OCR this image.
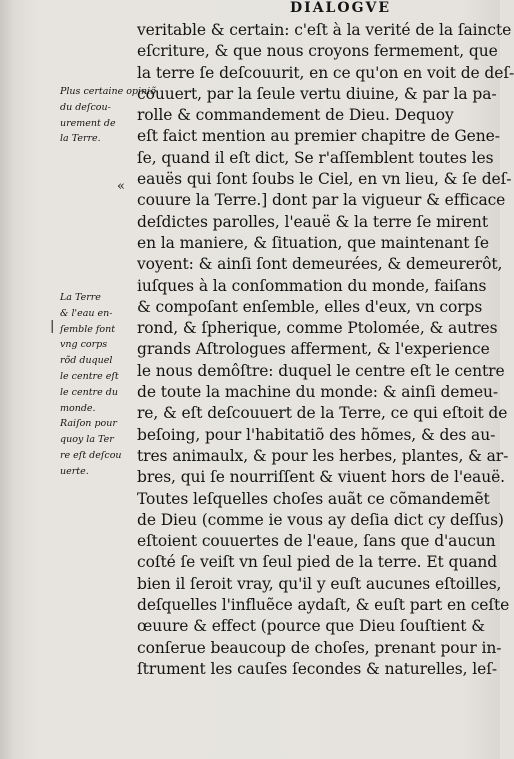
DIALOGVE
veritable & certain: c'eſt à la verité de la ſaincte
eſcriture, & que nous croyons fermement, que
la terre ſe deſcouurit, en ce qu'on en voit de deſ-
couuert, par la ſeule vertu diuine, & par la pa-
rolle & commandement de Dieu. Dequoy
eſt faict mention au premier chapitre de Gene-
ſe, quand il eſt dict, Se r'aſſemblent toutes les
eauës qui ſont ſoubs le Ciel, en vn lieu, & ſe deſ-
couure la Terre.] dont par la vigueur & efficace
deſdictes parolles, l'eauë & la terre ſe mirent
en la maniere, & ſituation, que maintenant ſe
voyent: & ainſi ſont demeurées, & demeurerôt,
iuſques à la conſommation du monde, faiſans
& compoſant enſemble, elles d'eux, vn corps
rond, & ſpherique, comme Ptolomée, & autres
grands Aſtrologues afferment, & l'experience
le nous demôſtre: duquel le centre eſt le centre
de toute la machine du monde: & ainſi demeu-
re, & eſt deſcouuert de la Terre, ce qui eſtoit de
beſoing, pour l'habitatiõ des hõmes, & des au-
tres animaulx, & pour les herbes, plantes, & ar-
bres, qui ſe nourriſſent & viuent hors de l'eauë.
Toutes leſquelles choſes auãt ce cõmandemẽt
de Dieu (comme ie vous ay deſia dict cy deſſus)
eſtoient couuertes de l'eaue, ſans que d'aucun
coſté ſe veiſt vn ſeul pied de la terre. Et quand
bien il ſeroit vray, qu'il y euſt aucunes eſtoilles,
deſquelles l'influẽce aydaſt, & euſt part en ceſte
œuure & effect (pource que Dieu ſouſtient &
conſerue beaucoup de choſes, prenant pour in-
ſtrument les cauſes ſecondes & naturelles, leſ-
Plus certaine opiniõ
du deſcou-
urement de
la Terre.
«
|
La Terre
& l'eau en-
ſemble font
vng corps
rõd duquel
le centre eſt
le centre du
monde.
Raiſon pour
quoy la Ter
re eſt deſcou
uerte.
